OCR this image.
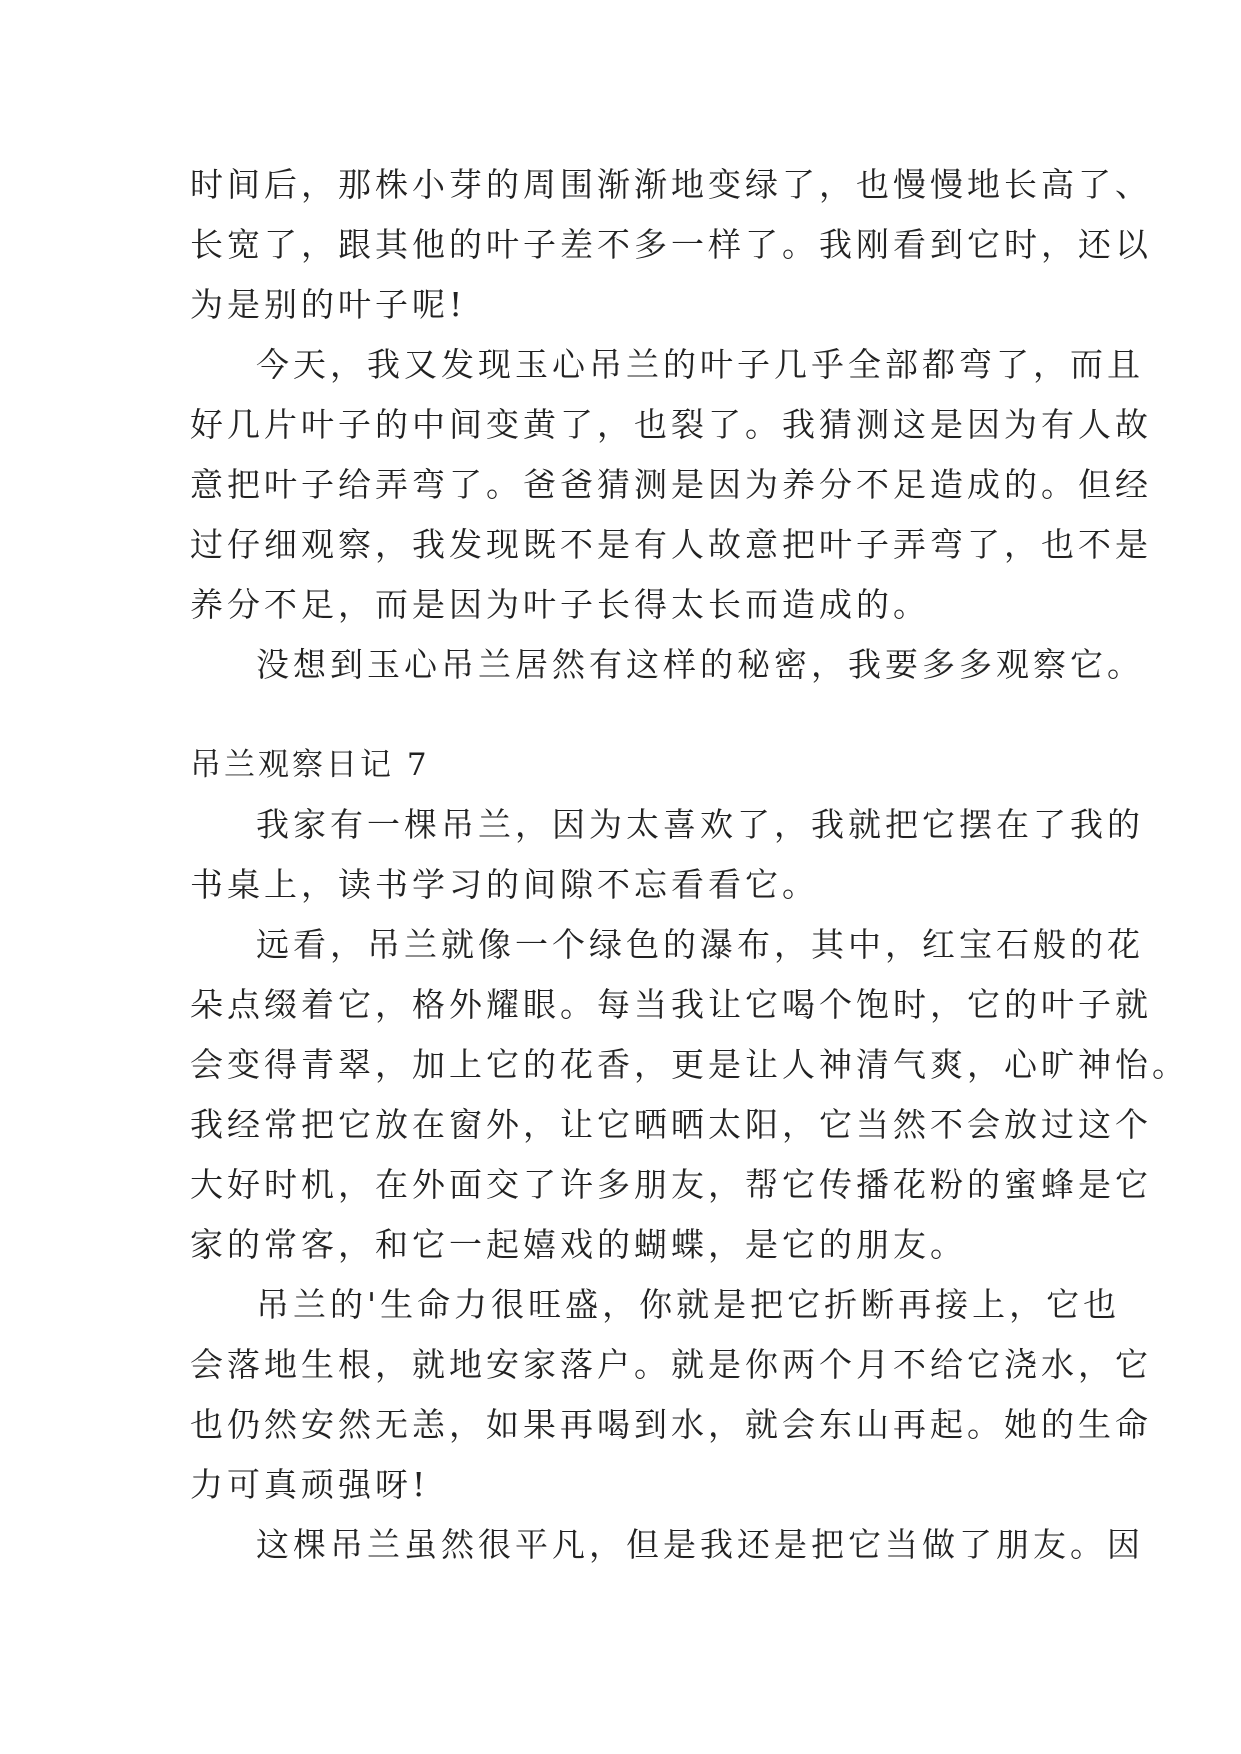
时间后，那株小芽的周围渐渐地变绿了，也慢慢地长高了、
长宽了，跟其他的叶子差不多一样了。我刚看到它时，还以
为是别的叶子呢!
今天，我又发现玉心吊兰的叶子几乎全部都弯了，而且
好几片叶子的中间变黄了，也裂了。我猜测这是因为有人故
意把叶子给弄弯了。爸爸猜测是因为养分不足造成的。但经
过仔细观察，我发现既不是有人故意把叶子弄弯了，也不是
养分不足，而是因为叶子长得太长而造成的。
没想到玉心吊兰居然有这样的秘密，我要多多观察它。
吊兰观察日记 7
我家有一棵吊兰，因为太喜欢了，我就把它摆在了我的
书桌上，读书学习的间隙不忘看看它。
远看，吊兰就像一个绿色的瀑布，其中，红宝石般的花
朵点缀着它，格外耀眼。每当我让它喝个饱时，它的叶子就
会变得青翠，加上它的花香，更是让人神清气爽，心旷神怡。
我经常把它放在窗外，让它晒晒太阳，它当然不会放过这个
大好时机，在外面交了许多朋友，帮它传播花粉的蜜蜂是它
家的常客，和它一起嬉戏的蝴蝶，是它的朋友。
吊兰的'生命力很旺盛，你就是把它折断再接上，它也
会落地生根，就地安家落户。就是你两个月不给它浇水，它
也仍然安然无恙，如果再喝到水，就会东山再起。她的生命
力可真顽强呀!
这棵吊兰虽然很平凡，但是我还是把它当做了朋友。因
